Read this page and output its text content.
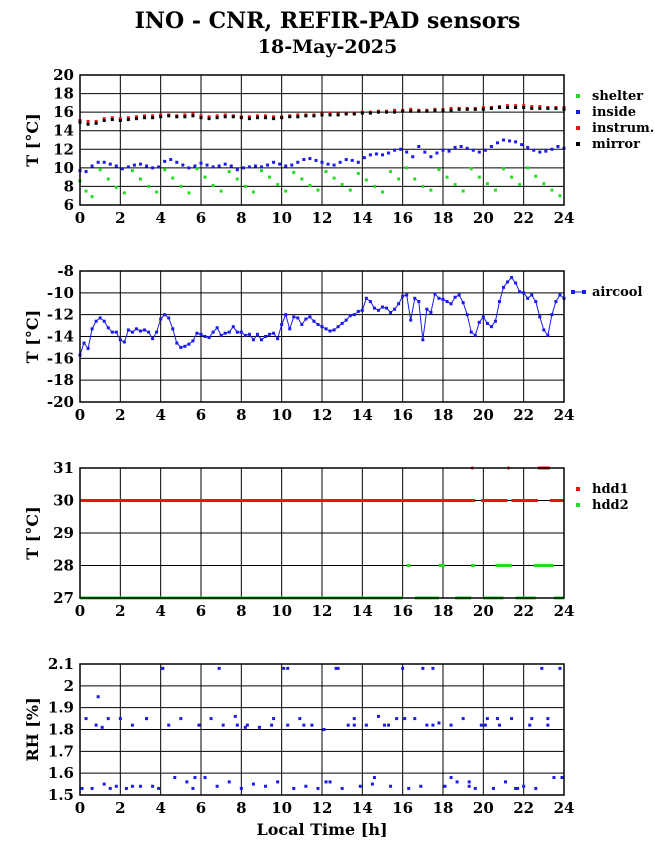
INO - CNR, REFIR-PAD sensors
18-May-2025
0 2 4 6 8 10 12 14 16 18 20 22 24
6
8
10
12
14
16
18
20
T [°C]
shelter
inside
instrum.
mirror
0 2 4 6 8 10 12 14 16 18 20 22 24
-20
-18
-16
-14
-12
-10
-8
T [°C]
aircool
0 2 4 6 8 10 12 14 16 18 20 22 24
27
28
29
30
31
T [°C]
hdd1
hdd2
0 2 4 6 8 10 12 14 16 18 20 22 24
1.5
1.6
1.7
1.8
1.9
2
2.1
RH [%]
Local Time [h]
